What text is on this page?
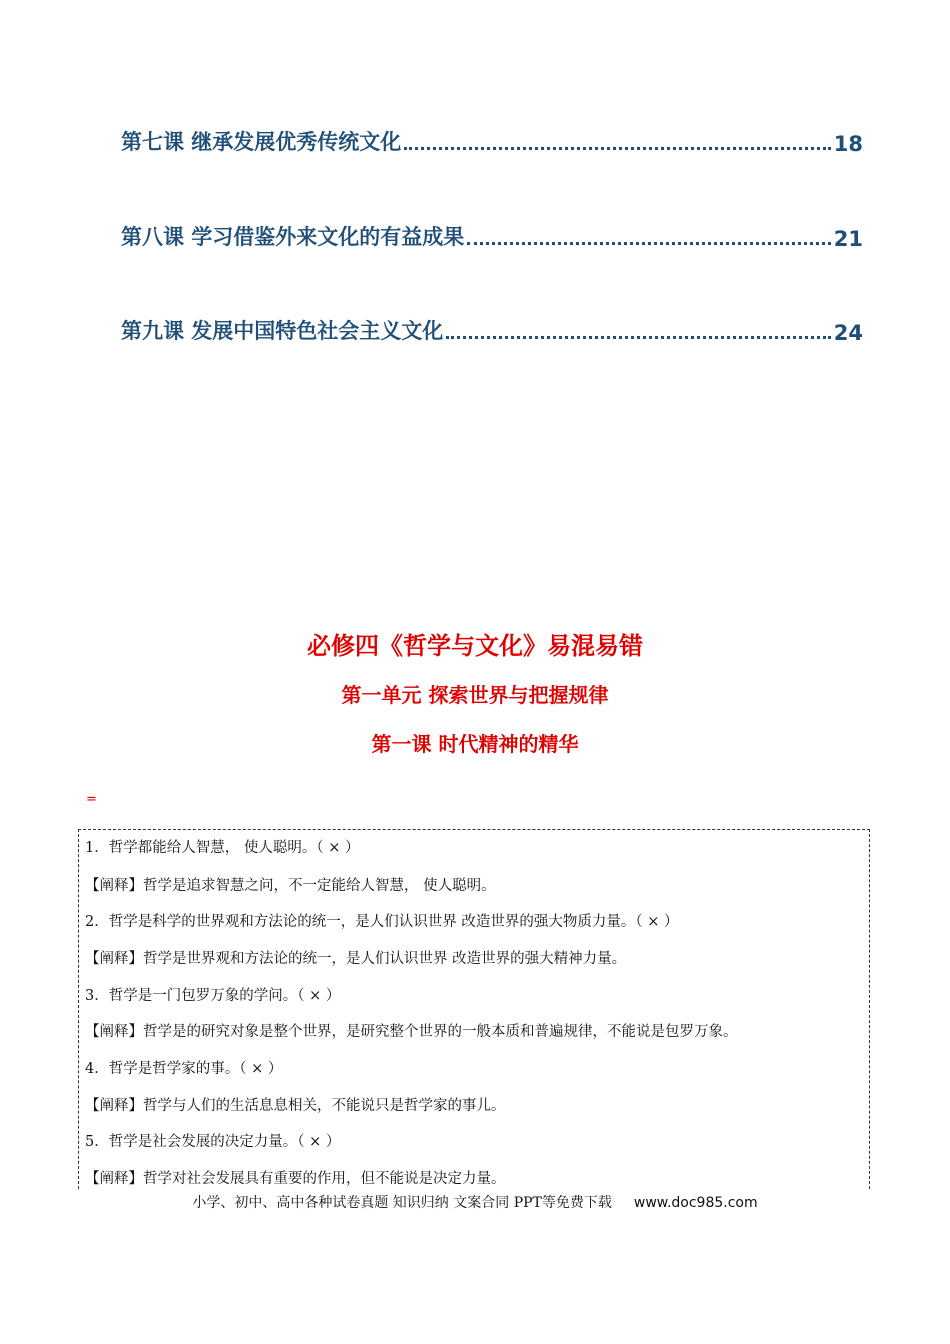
第七课 继承发展优秀传统文化	18
第八课 学习借鉴外来文化的有益成果	21
第九课 发展中国特色社会主义文化	24
必修四《哲学与文化》易混易错
第一单元 探索世界与把握规律
第一课 时代精神的精华
=
1．哲学都能给人智慧， 使人聪明。（ × ）
【阐释】哲学是追求智慧之问，不一定能给人智慧， 使人聪明。
2．哲学是科学的世界观和方法论的统一，是人们认识世界 改造世界的强大物质力量。（ × ）
【阐释】哲学是世界观和方法论的统一，是人们认识世界 改造世界的强大精神力量。
3．哲学是一门包罗万象的学问。（ × ）
【阐释】哲学是的研究对象是整个世界，是研究整个世界的一般本质和普遍规律，不能说是包罗万象。
4．哲学是哲学家的事。（ × ）
【阐释】哲学与人们的生活息息相关，不能说只是哲学家的事儿。
5．哲学是社会发展的决定力量。（ × ）
【阐释】哲学对社会发展具有重要的作用，但不能说是决定力量。
小学、初中、高中各种试卷真题 知识归纳 文案合同 PPT等免费下载 www.doc985.com
